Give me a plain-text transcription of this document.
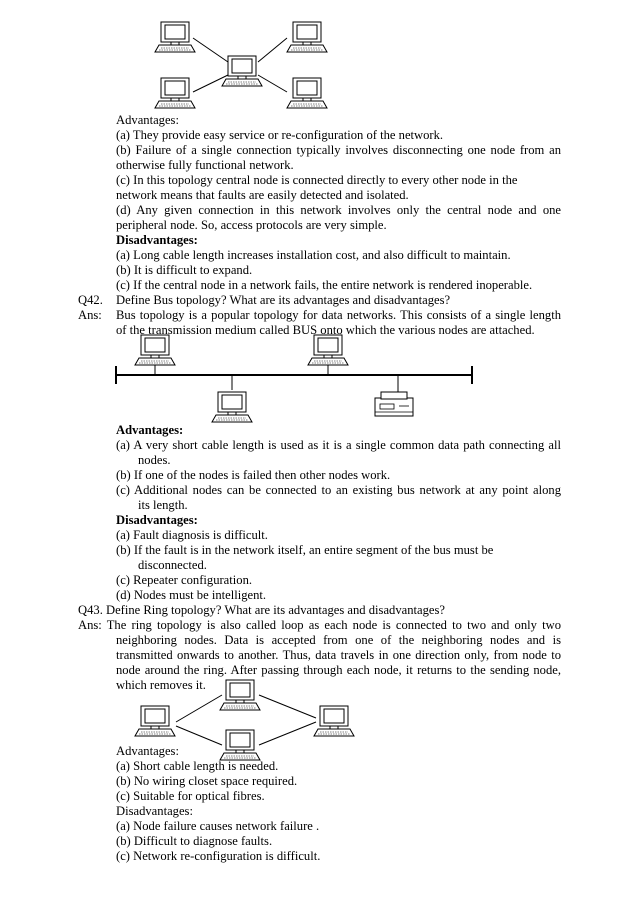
Advantages:
(a) They provide easy service or re-configuration of the network.
(b) Failure of a single connection typically involves disconnecting one node from an
otherwise fully functional network.
(c) In this topology central node is connected directly to every other node in the
network means that faults are easily detected and isolated.
(d) Any given connection in this network involves only the central node and one
peripheral node. So, access protocols are very simple.
Disadvantages:
(a) Long cable length increases installation cost, and also difficult to maintain.
(b) It is difficult to expand.
(c) If the central node in a network fails, the entire network is rendered inoperable.
Q42. Define Bus topology? What are its advantages and disadvantages?
Ans: Bus topology is a popular topology for data networks. This consists of a single length
of the transmission medium called BUS onto which the various nodes are attached.
Advantages:
(a) A very short cable length is used as it is a single common data path connecting all
nodes.
(b) If one of the nodes is failed then other nodes work.
(c) Additional nodes can be connected to an existing bus network at any point along
its length.
Disadvantages:
(a) Fault diagnosis is difficult.
(b) If the fault is in the network itself, an entire segment of the bus must be
disconnected.
(c) Repeater configuration.
(d) Nodes must be intelligent.
Q43. Define Ring topology? What are its advantages and disadvantages?
Ans: The ring topology is also called loop as each node is connected to two and only two
neighboring nodes. Data is accepted from one of the neighboring nodes and is
transmitted onwards to another. Thus, data travels in one direction only, from node to
node around the ring. After passing through each node, it returns to the sending node,
which removes it.
Advantages:
(a) Short cable length is needed.
(b) No wiring closet space required.
(c) Suitable for optical fibres.
Disadvantages:
(a) Node failure causes network failure .
(b) Difficult to diagnose faults.
(c) Network re-configuration is difficult.
